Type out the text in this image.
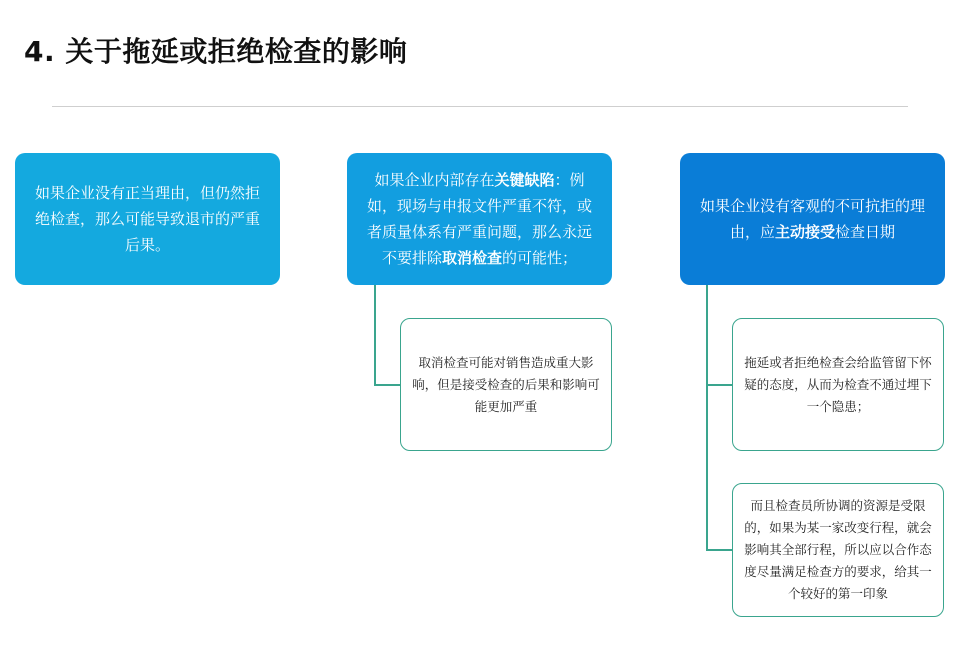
4. 关于拖延或拒绝检查的影响
如果企业没有正当理由，但仍然拒绝检查，那么可能导致退市的严重后果。
如果企业内部存在关键缺陷：例如，现场与申报文件严重不符，或者质量体系有严重问题，那么永远不要排除取消检查的可能性；
如果企业没有客观的不可抗拒的理由，应主动接受检查日期
取消检查可能对销售造成重大影响，但是接受检查的后果和影响可能更加严重
拖延或者拒绝检查会给监管留下怀疑的态度，从而为检查不通过埋下一个隐患；
而且检查员所协调的资源是受限的，如果为某一家改变行程，就会影响其全部行程，所以应以合作态度尽量满足检查方的要求，给其一个较好的第一印象
